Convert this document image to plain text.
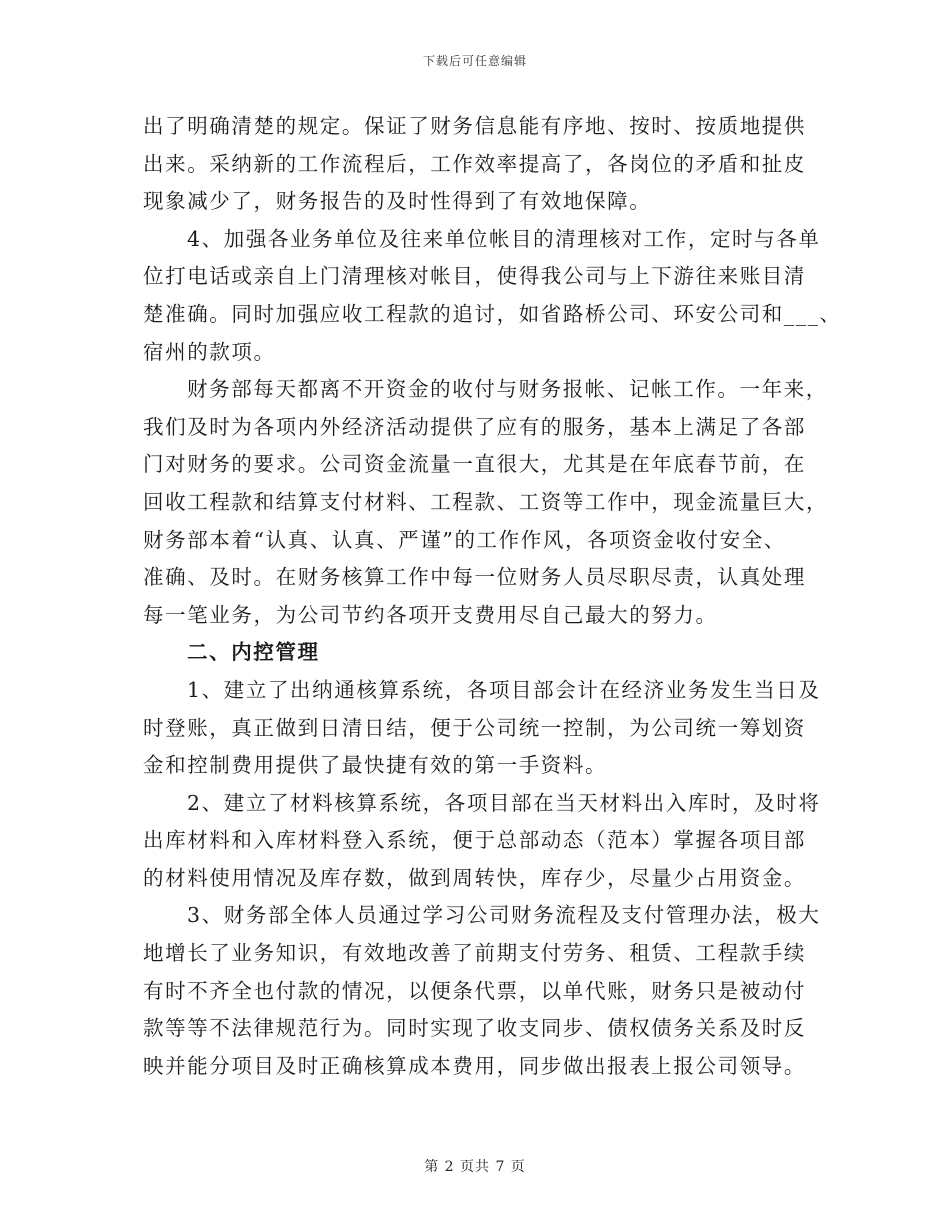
下载后可任意编辑
出了明确清楚的规定。保证了财务信息能有序地、按时、按质地提供
出来。采纳新的工作流程后，工作效率提高了，各岗位的矛盾和扯皮
现象减少了，财务报告的及时性得到了有效地保障。
4、加强各业务单位及往来单位帐目的清理核对工作，定时与各单
位打电话或亲自上门清理核对帐目，使得我公司与上下游往来账目清
楚准确。同时加强应收工程款的追讨，如省路桥公司、环安公司和___、
宿州的款项。
财务部每天都离不开资金的收付与财务报帐、记帐工作。一年来，
我们及时为各项内外经济活动提供了应有的服务，基本上满足了各部
门对财务的要求。公司资金流量一直很大，尤其是在年底春节前，在
回收工程款和结算支付材料、工程款、工资等工作中，现金流量巨大，
财务部本着“认真、认真、严谨”的工作作风，各项资金收付安全、
准确、及时。在财务核算工作中每一位财务人员尽职尽责，认真处理
每一笔业务，为公司节约各项开支费用尽自己最大的努力。
二、内控管理
1、建立了出纳通核算系统，各项目部会计在经济业务发生当日及
时登账，真正做到日清日结，便于公司统一控制，为公司统一筹划资
金和控制费用提供了最快捷有效的第一手资料。
2、建立了材料核算系统，各项目部在当天材料出入库时，及时将
出库材料和入库材料登入系统，便于总部动态（范本）掌握各项目部
的材料使用情况及库存数，做到周转快，库存少，尽量少占用资金。
3、财务部全体人员通过学习公司财务流程及支付管理办法，极大
地增长了业务知识，有效地改善了前期支付劳务、租赁、工程款手续
有时不齐全也付款的情况，以便条代票，以单代账，财务只是被动付
款等等不法律规范行为。同时实现了收支同步、债权债务关系及时反
映并能分项目及时正确核算成本费用，同步做出报表上报公司领导。
第 2 页共 7 页
